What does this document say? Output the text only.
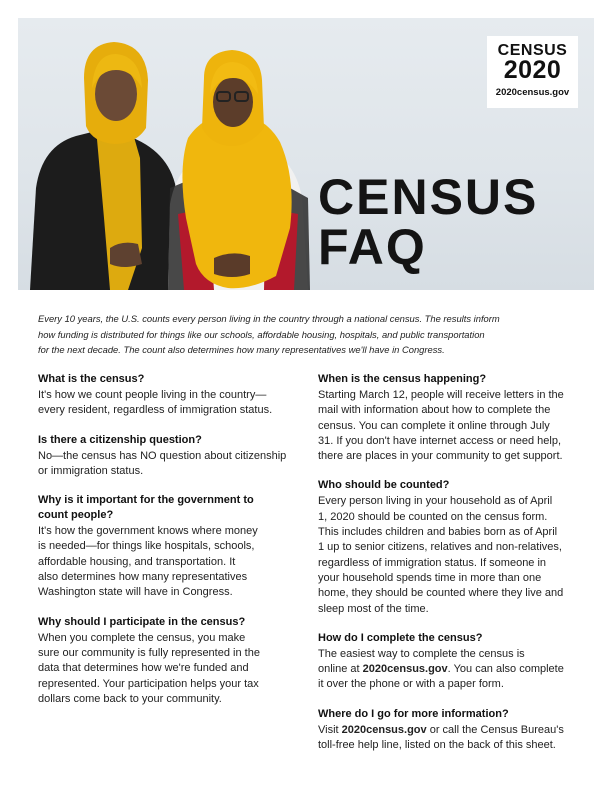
CENSUS
2020
2020census.gov
CENSUS
FAQ

Every 10 years, the U.S. counts every person living in the country through a national census. The results inform

how funding is distributed for things like our schools, affordable housing, hospitals, and public transportation

for the next decade. The count also determines how many representatives we'll have in Congress.

What is the census?
It's how we count people living in the country—
every resident, regardless of immigration status.
Is there a citizenship question?
No—the census has NO question about citizenship
or immigration status.
Why is it important for the government to
count people?
It's how the government knows where money
is needed—for things like hospitals, schools,
affordable housing, and transportation. It
also determines how many representatives
Washington state will have in Congress.
Why should I participate in the census?
When you complete the census, you make
sure our community is fully represented in the
data that determines how we're funded and
represented. Your participation helps your tax
dollars come back to your community.
When is the census happening?
Starting March 12, people will receive letters in the
mail with information about how to complete the
census. You can complete it online through July
31. If you don't have internet access or need help,
there are places in your community to get support.
Who should be counted?
Every person living in your household as of April
1, 2020 should be counted on the census form.
This includes children and babies born as of April
1 up to senior citizens, relatives and non-relatives,
regardless of immigration status. If someone in
your household spends time in more than one
home, they should be counted where they live and
sleep most of the time.
How do I complete the census?
The easiest way to complete the census is
online at 2020census.gov. You can also complete
it over the phone or with a paper form.
Where do I go for more information?
Visit 2020census.gov or call the Census Bureau's
toll-free help line, listed on the back of this sheet.
